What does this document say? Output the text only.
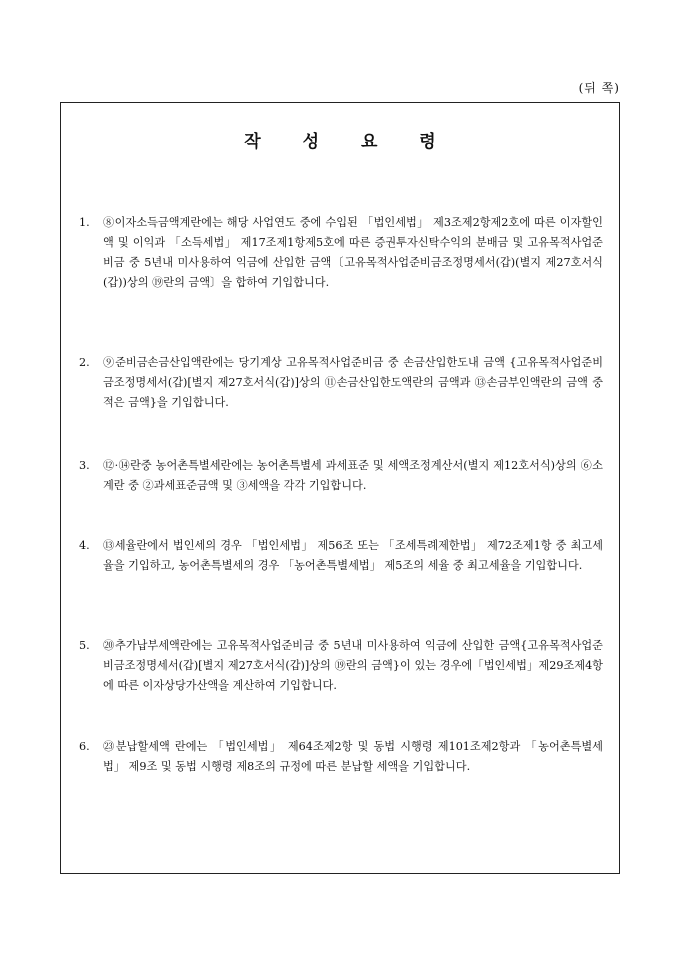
(뒤 쪽)
작 성 요 령
1.	⑧이자소득금액계란에는 해당 사업연도 중에 수입된 「법인세법」 제3조제2항제2호에 따른 이자할인액 및 이익과 「소득세법」 제17조제1항제5호에 따른 증권투자신탁수익의 분배금 및 고유목적사업준비금 중 5년내 미사용하여 익금에 산입한 금액〔고유목적사업준비금조정명세서(갑)(별지 제27호서식(갑))상의 ⑲란의 금액〕을 합하여 기입합니다.
2.	⑨준비금손금산입액란에는 당기계상 고유목적사업준비금 중 손금산입한도내 금액 {고유목적사업준비금조정명세서(갑)[별지 제27호서식(갑)]상의 ⑪손금산입한도액란의 금액과 ⑬손금부인액란의 금액 중 적은 금액}을 기입합니다.
3.	⑫·⑭란중 농어촌특별세란에는 농어촌특별세 과세표준 및 세액조정계산서(별지 제12호서식)상의 ⑥소계란 중 ②과세표준금액 및 ③세액을 각각 기입합니다.
4.	⑬세율란에서 법인세의 경우 「법인세법」 제56조 또는 「조세특례제한법」 제72조제1항 중 최고세율을 기입하고, 농어촌특별세의 경우 「농어촌특별세법」 제5조의 세율 중 최고세율을 기입합니다.
5.	⑳추가납부세액란에는 고유목적사업준비금 중 5년내 미사용하여 익금에 산입한 금액{고유목적사업준비금조정명세서(갑)[별지 제27호서식(갑)]상의 ⑲란의 금액}이 있는 경우에「법인세법」제29조제4항에 따른 이자상당가산액을 계산하여 기입합니다.
6.	㉓분납할세액 란에는 「법인세법」 제64조제2항 및 동법 시행령 제101조제2항과 「농어촌특별세법」 제9조 및 동법 시행령 제8조의 규정에 따른 분납할 세액을 기입합니다.
